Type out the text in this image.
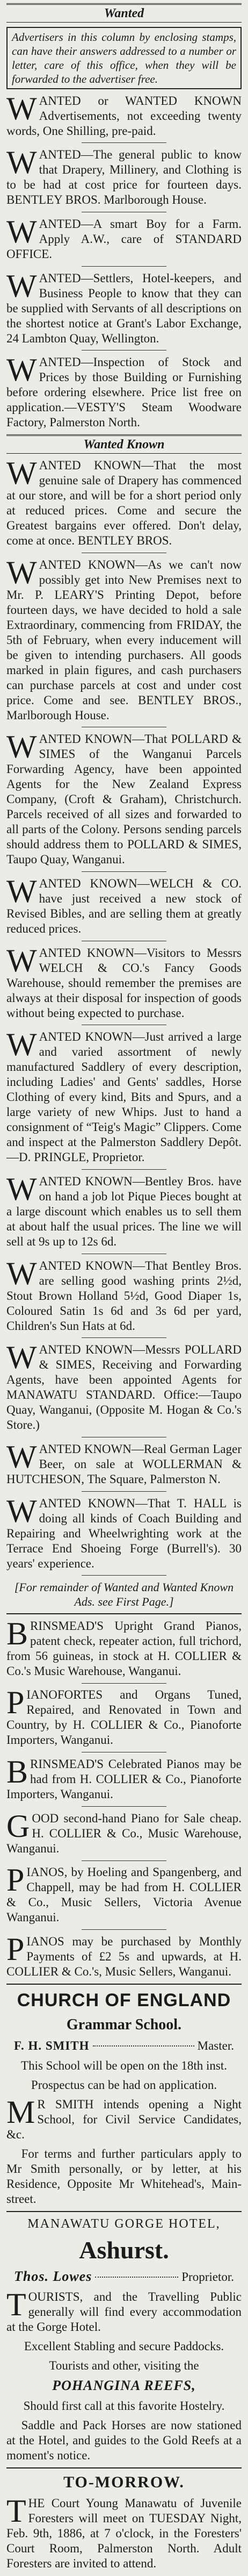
Wanted
Advertisers in this column by enclosing stamps, can have their answers addressed to a number or letter, care of this office, when they will be forwarded to the advertiser free.

WANTED or WANTED KNOWN Advertisements, not exceeding twenty words, One Shilling, pre-paid.

WANTED—The general public to know that Drapery, Millinery, and Clothing is to be had at cost price for fourteen days. BENTLEY BROS. Marlborough House.

WANTED—A smart Boy for a Farm. Apply A.W., care of STANDARD OFFICE.

WANTED—Settlers, Hotel-keepers, and Business People to know that they can be supplied with Servants of all descriptions on the shortest notice at Grant's Labor Exchange, 24 Lambton Quay, Wellington.

WANTED—Inspection of Stock and Prices by those Building or Furnishing before ordering elsewhere. Price list free on application.—VESTY'S Steam Woodware Factory, Palmerston North.

Wanted Known

WANTED KNOWN—That the most genuine sale of Drapery has commenced at our store, and will be for a short period only at reduced prices. Come and secure the Greatest bargains ever offered. Don't delay, come at once. BENTLEY BROS.

WANTED KNOWN—As we can't now possibly get into New Premises next to Mr. P. LEARY'S Printing Depot, before fourteen days, we have decided to hold a sale Extraordinary, commencing from FRIDAY, the 5th of February, when every inducement will be given to intending purchasers. All goods marked in plain figures, and cash purchasers can purchase parcels at cost and under cost price. Come and see. BENTLEY BROS., Marlborough House.

WANTED KNOWN—That POLLARD & SIMES of the Wanganui Parcels Forwarding Agency, have been appointed Agents for the New Zealand Express Company, (Croft & Graham), Christchurch. Parcels received of all sizes and forwarded to all parts of the Colony. Persons sending parcels should address them to POLLARD & SIMES, Taupo Quay, Wanganui.

WANTED KNOWN—WELCH & CO. have just received a new stock of Revised Bibles, and are selling them at greatly reduced prices.

WANTED KNOWN—Visitors to Messrs WELCH & CO.'s Fancy Goods Warehouse, should remember the premises are always at their disposal for inspection of goods without being expected to purchase.

WANTED KNOWN—Just arrived a large and varied assortment of newly manufactured Saddlery of every description, including Ladies' and Gents' saddles, Horse Clothing of every kind, Bits and Spurs, and a large variety of new Whips. Just to hand a consignment of “Teig's Magic” Clippers. Come and inspect at the Palmerston Saddlery Depôt.—D. PRINGLE, Proprietor.

WANTED KNOWN—Bentley Bros. have on hand a job lot Pique Pieces bought at a large discount which enables us to sell them at about half the usual prices. The line we will sell at 9s up to 12s 6d.

WANTED KNOWN—That Bentley Bros. are selling good washing prints 2½d, Stout Brown Holland 5½d, Good Diaper 1s, Coloured Satin 1s 6d and 3s 6d per yard, Children's Sun Hats at 6d.

WANTED KNOWN—Messrs POLLARD & SIMES, Receiving and Forwarding Agents, have been appointed Agents for MANAWATU STANDARD. Office:—Taupo Quay, Wanganui, (Opposite M. Hogan & Co.'s Store.)

WANTED KNOWN—Real German Lager Beer, on sale at WOLLERMAN & HUTCHESON, The Square, Palmerston N.

WANTED KNOWN—That T. HALL is doing all kinds of Coach Building and Repairing and Wheelwrighting work at the Terrace End Shoeing Forge (Burrell's). 30 years' experience.

[For remainder of Wanted and Wanted Known Ads. see First Page.]

BRINSMEAD'S Upright Grand Pianos, patent check, repeater action, full trichord, from 56 guineas, in stock at H. COLLIER & Co.'s Music Warehouse, Wanganui.

PIANOFORTES and Organs Tuned, Repaired, and Renovated in Town and Country, by H. COLLIER & Co., Pianoforte Importers, Wanganui.

BRINSMEAD'S Celebrated Pianos may be had from H. COLLIER & Co., Pianoforte Importers, Wanganui.

GOOD second-hand Piano for Sale cheap. H. COLLIER & Co., Music Warehouse, Wanganui.

PIANOS, by Hoeling and Spangenberg, and Chappell, may be had from H. COLLIER & Co., Music Sellers, Victoria Avenue Wanganui.

PIANOS may be purchased by Monthly Payments of £2 5s and upwards, at H. COLLIER & Co.'s, Music Sellers, Wanganui.

CHURCH OF ENGLAND
Grammar School.
F. H. SMITH	Master.

This School will be open on the 18th inst.

Prospectus can be had on application.

MR SMITH intends opening a Night School, for Civil Service Candidates, &c.

For terms and further particulars apply to Mr Smith personally, or by letter, at his Residence, Opposite Mr Whitehead's, Main-street.

MANAWATU GORGE HOTEL,
Ashurst.
Thos. Lowes	Proprietor.

TOURISTS, and the Travelling Public generally will find every accommodation at the Gorge Hotel.

Excellent Stabling and secure Paddocks.

Tourists and other, visiting the

POHANGINA REEFS,

Should first call at this favorite Hostelry.

Saddle and Pack Horses are now stationed at the Hotel, and guides to the Gold Reefs at a moment's notice.

TO-MORROW.

THE Court Young Manawatu of Juvenile Foresters will meet on TUESDAY Night, Feb. 9th, 1886, at 7 o'clock, in the Foresters' Court Room, Palmerston North. Adult Foresters are invited to attend.
